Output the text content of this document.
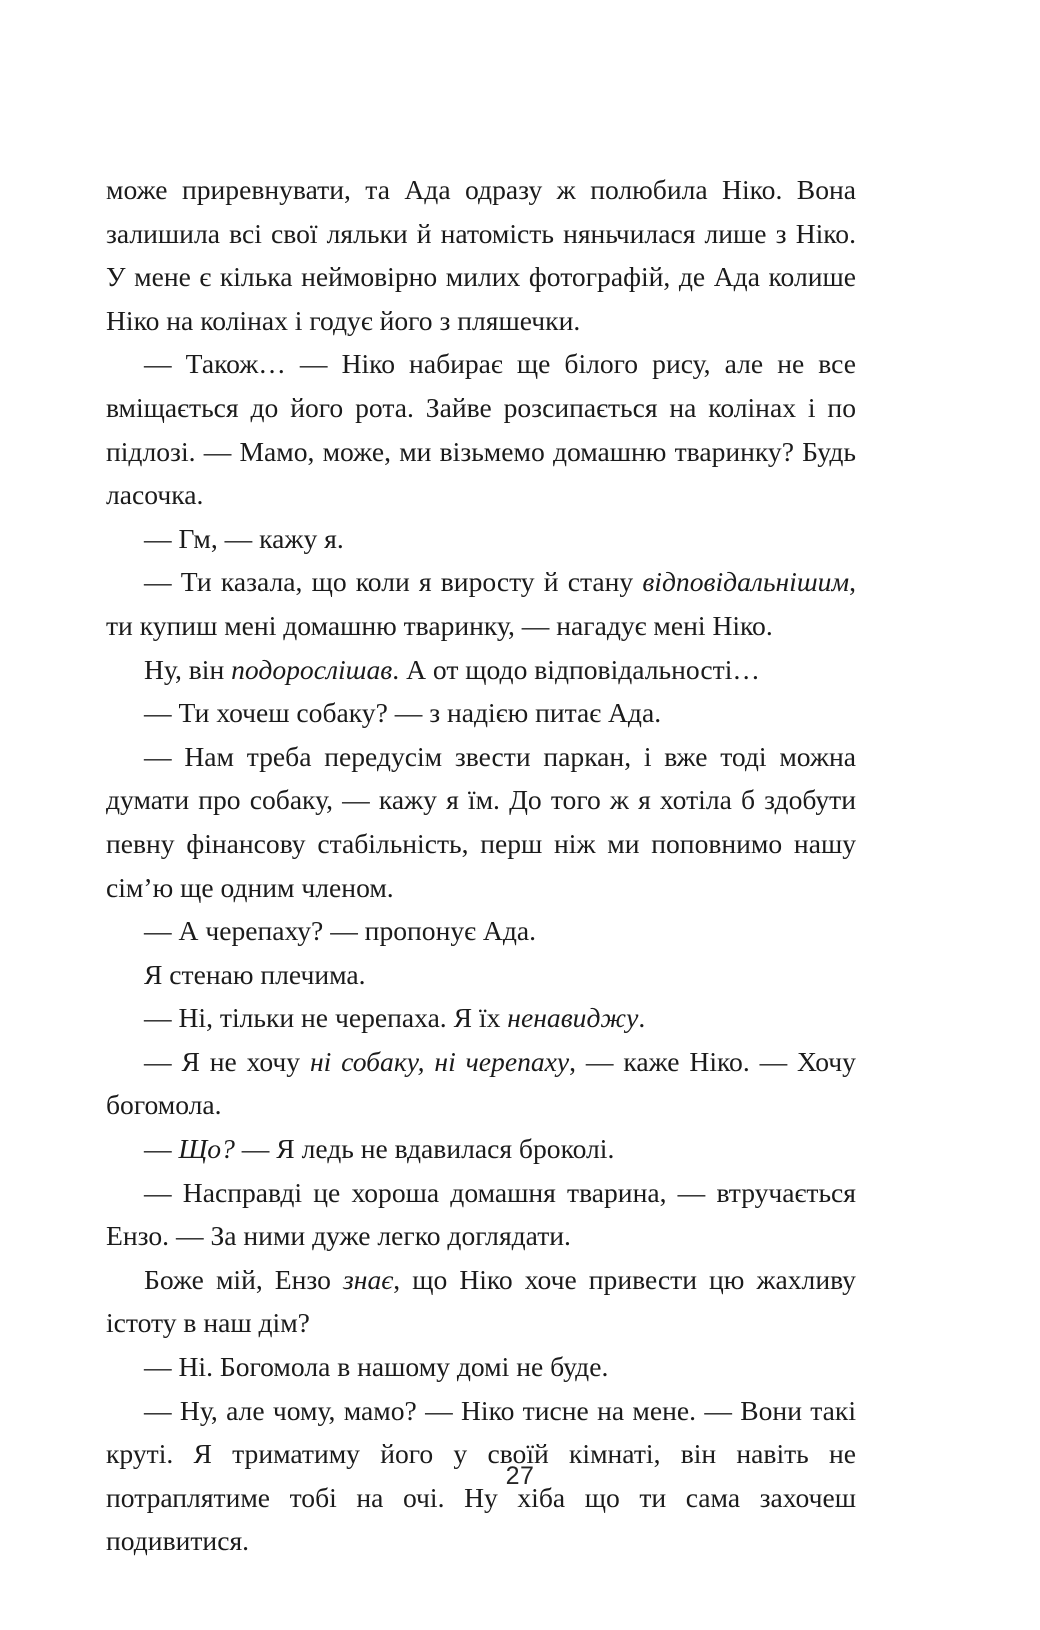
може приревнувати, та Ада одразу ж полюбила Ніко. Вона залишила всі свої ляльки й натомість няньчилася лише з Ніко. У мене є кілька неймовірно милих фотографій, де Ада колише Ніко на колінах і годує його з пляшечки.

— Також… — Ніко набирає ще білого рису, але не все вміщається до його рота. Зайве розсипається на колінах і по підлозі. — Мамо, може, ми візьмемо домашню тваринку? Будь ласочка.

— Гм, — кажу я.

— Ти казала, що коли я виросту й стану відповідальнішим, ти купиш мені домашню тваринку, — нагадує мені Ніко.

Ну, він подорослішав. А от щодо відповідальності…

— Ти хочеш собаку? — з надією питає Ада.

— Нам треба передусім звести паркан, і вже тоді можна думати про собаку, — кажу я їм. До того ж я хотіла б здобути певну фінансову стабільність, перш ніж ми поповнимо нашу сім’ю ще одним членом.

— А черепаху? — пропонує Ада.

Я стенаю плечима.

— Ні, тільки не черепаха. Я їх ненавиджу.

— Я не хочу ні собаку, ні черепаху, — каже Ніко. — Хочу богомола.

— Що? — Я ледь не вдавилася броколі.

— Насправді це хороша домашня тварина, — втручається Ензо. — За ними дуже легко доглядати.

Боже мій, Ензо знає, що Ніко хоче привести цю жахливу істоту в наш дім?

— Ні. Богомола в нашому домі не буде.

— Ну, але чому, мамо? — Ніко тисне на мене. — Вони такі круті. Я триматиму його у своїй кімнаті, він навіть не потраплятиме тобі на очі. Ну хіба що ти сама захочеш подивитися.

27
